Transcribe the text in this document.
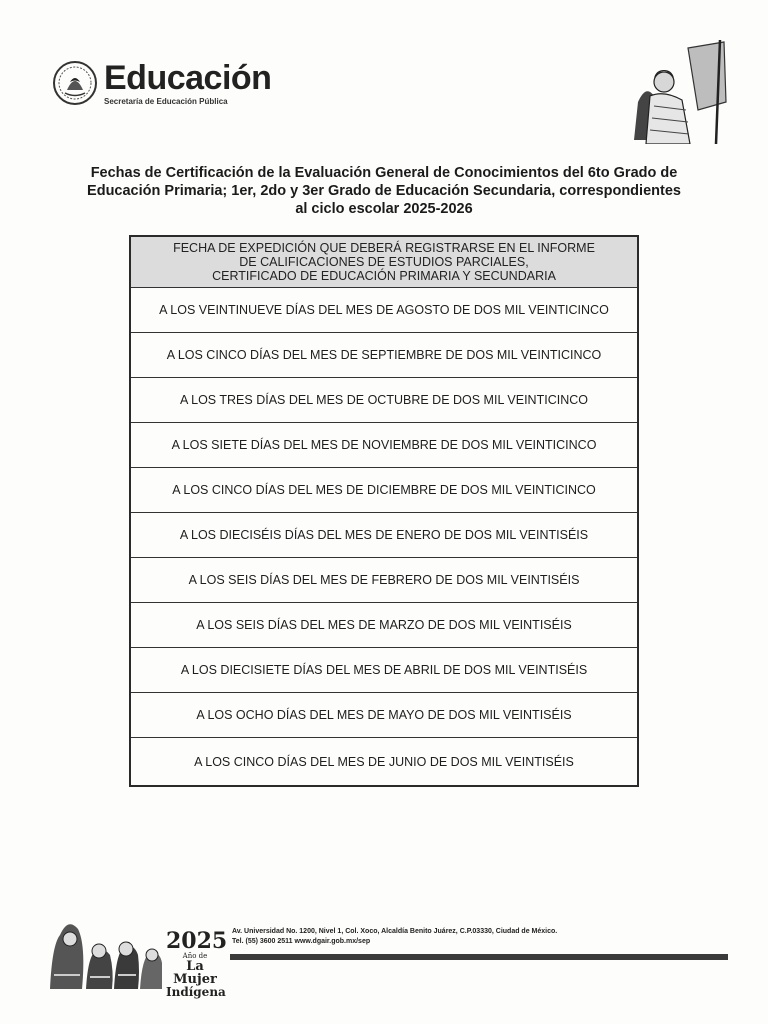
Educación
Secretaría de Educación Pública
Fechas de Certificación de la Evaluación General de Conocimientos del 6to Grado de
Educación Primaria; 1er, 2do y 3er Grado de Educación Secundaria, correspondientes
al ciclo escolar 2025-2026
FECHA DE EXPEDICIÓN QUE DEBERÁ REGISTRARSE EN EL INFORME
DE CALIFICACIONES DE ESTUDIOS PARCIALES,
CERTIFICADO DE EDUCACIÓN PRIMARIA Y SECUNDARIA
A LOS VEINTINUEVE DÍAS DEL MES DE AGOSTO DE DOS MIL VEINTICINCO
A LOS CINCO DÍAS DEL MES DE SEPTIEMBRE DE DOS MIL VEINTICINCO
A LOS TRES DÍAS DEL MES DE OCTUBRE DE DOS MIL VEINTICINCO
A LOS SIETE DÍAS DEL MES DE NOVIEMBRE DE DOS MIL VEINTICINCO
A LOS CINCO DÍAS DEL MES DE DICIEMBRE DE DOS MIL VEINTICINCO
A LOS DIECISÉIS DÍAS DEL MES DE ENERO DE DOS MIL VEINTISÉIS
A LOS SEIS DÍAS DEL MES DE FEBRERO DE DOS MIL VEINTISÉIS
A LOS SEIS DÍAS DEL MES DE MARZO DE DOS MIL VEINTISÉIS
A LOS DIECISIETE DÍAS DEL MES DE ABRIL DE DOS MIL VEINTISÉIS
A LOS OCHO DÍAS DEL MES DE MAYO DE DOS MIL VEINTISÉIS
A LOS CINCO DÍAS DEL MES DE JUNIO DE DOS MIL VEINTISÉIS
2025
Año de
La Mujer
Indígena
Av. Universidad No. 1200, Nivel 1, Col. Xoco, Alcaldía Benito Juárez, C.P.03330, Ciudad de México.
Tel. (55) 3600 2511 www.dgair.gob.mx/sep
